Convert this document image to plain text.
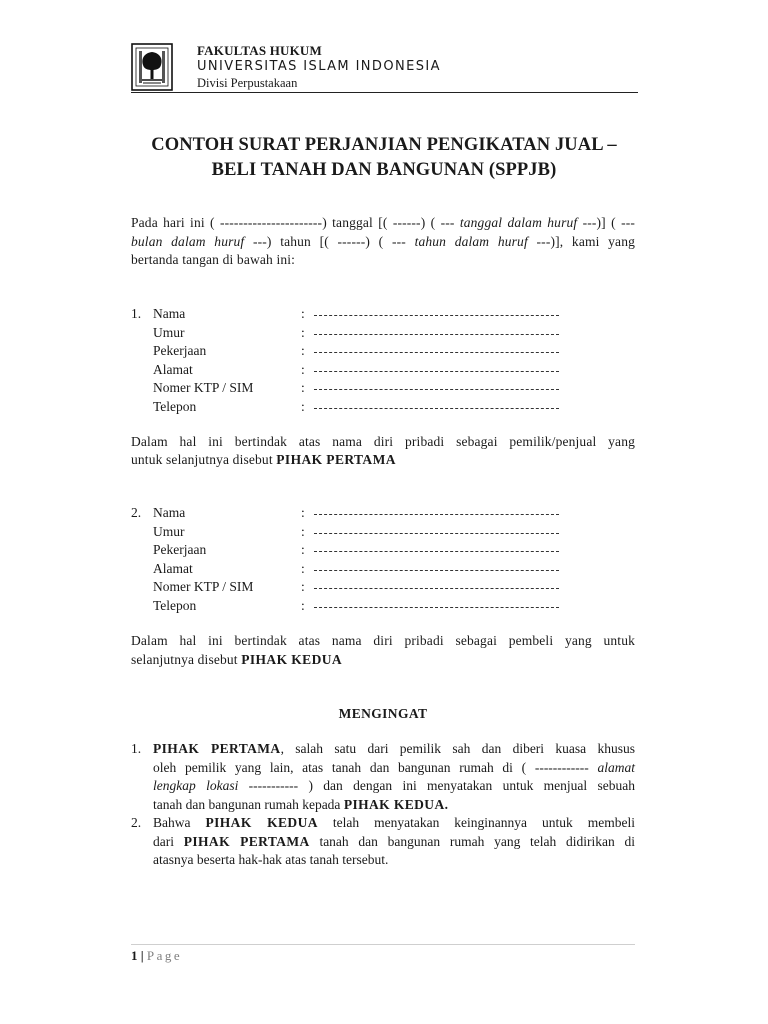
FAKULTAS HUKUM
UNIVERSITAS ISLAM INDONESIA
Divisi Perpustakaan
CONTOH SURAT PERJANJIAN PENGIKATAN JUAL –
BELI TANAH DAN BANGUNAN (SPPJB)
Pada hari ini ( ----------------------) tanggal [( ------) ( --- tanggal dalam huruf ---)] ( ---
bulan dalam huruf ---) tahun [( ------) ( --- tahun dalam huruf ---)], kami yang
bertanda tangan di bawah ini:
1. Nama	:
Umur	:
Pekerjaan	:
Alamat	:
Nomer KTP / SIM	:
Telepon	:
Dalam hal ini bertindak atas nama diri pribadi sebagai pemilik/penjual yang
untuk selanjutnya disebut PIHAK PERTAMA
2. Nama	:
Umur	:
Pekerjaan	:
Alamat	:
Nomer KTP / SIM	:
Telepon	:
Dalam hal ini bertindak atas nama diri pribadi sebagai pembeli yang untuk
selanjutnya disebut PIHAK KEDUA
MENGINGAT
1. PIHAK PERTAMA, salah satu dari pemilik sah dan diberi kuasa khusus
oleh pemilik yang lain, atas tanah dan bangunan rumah di ( ------------ alamat
lengkap lokasi ----------- ) dan dengan ini menyatakan untuk menjual sebuah
tanah dan bangunan rumah kepada PIHAK KEDUA.
2. Bahwa PIHAK KEDUA telah menyatakan keinginannya untuk membeli
dari PIHAK PERTAMA tanah dan bangunan rumah yang telah didirikan di
atasnya beserta hak-hak atas tanah tersebut.
1 | Page
